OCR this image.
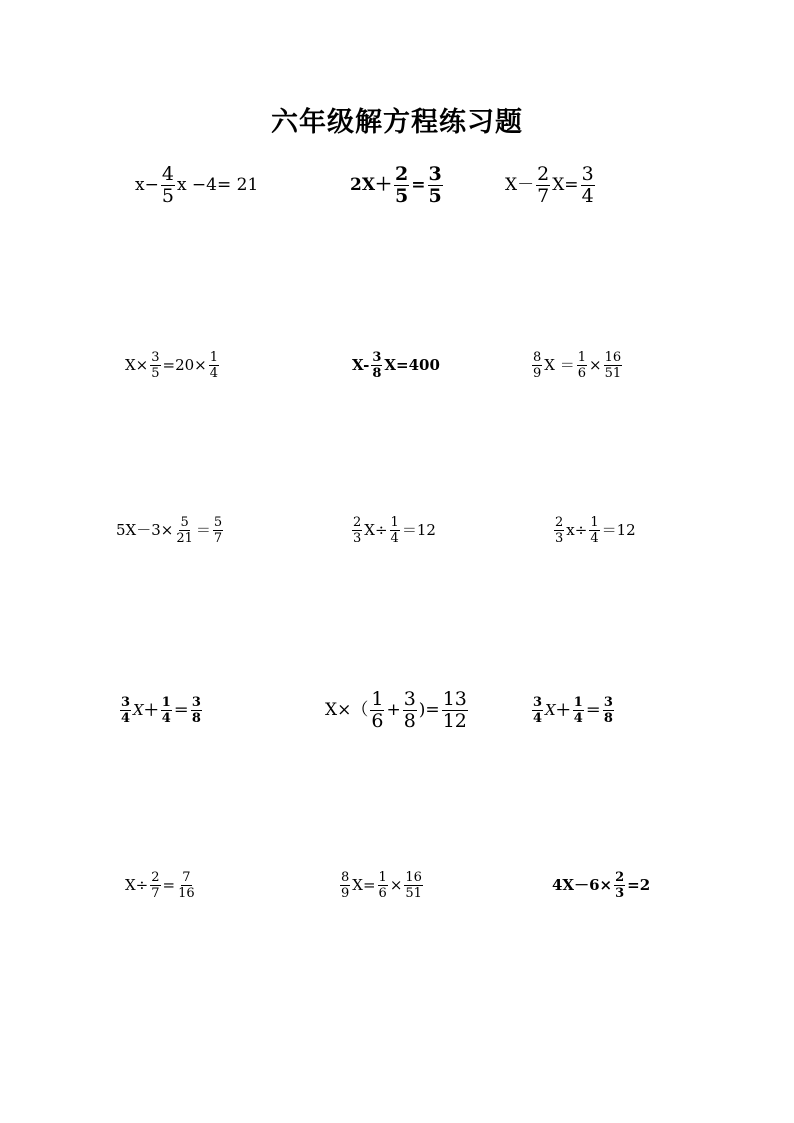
六年级解方程练习题
$x- \frac{4}{5}$ x −4= 21	$2X+ \frac{2}{5} = \frac{3}{5}$	$X- \frac{2}{7} X= \frac{3}{4}$
$X\times \frac{3}{5} =20\times \frac{1}{4}$	$X- \frac{3}{8} X=400$	$\frac{8}{9}$ $X = \frac{1}{6} \times \frac{16}{51}$
$5X-3\times \frac{5}{21} = \frac{5}{7}$	$\frac{2}{3} X\div \frac{1}{4} =12$	$\frac{2}{3} x\div \frac{1}{4} =12$
$\frac{3}{4}$ $X + \frac{1}{4} = \frac{3}{8}$	$X\times( \frac{1}{6} + \frac{3}{8}$ )= $\frac{13}{12}$	$\frac{3}{4}$ $X + \frac{1}{4} = \frac{3}{8}$
$X\div \frac{2}{7} = \frac{7}{16}$	$\frac{8}{9} X= \frac{1}{6} \times \frac{16}{51}$	$4X-6\times \frac{2}{3} =2$
